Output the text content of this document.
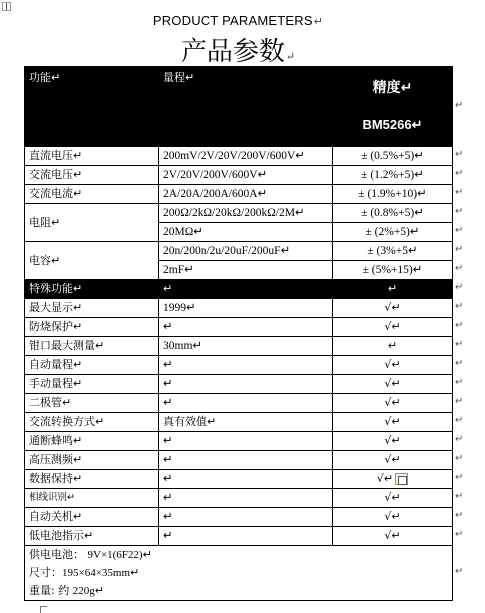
PRODUCT PARAMETERS↵
产品参数↵
功能↵	量程↵	精度↵
BM5266↵

直流电压↵	200mV/2V/20V/200V/600V↵	± (0.5%+5)↵
交流电压↵	2V/20V/200V/600V↵	± (1.2%+5)↵
交流电流↵	2A/20A/200A/600A↵	± (1.9%+10)↵
电阻↵	200Ω/2kΩ/20kΩ/200kΩ/2M↵	± (0.8%+5)↵
	20MΩ↵	± (2%+5)↵
电容↵	20n/200n/2u/20uF/200uF↵	± (3%+5↵
	2mF↵	± (5%+15)↵
特殊功能↵	↵	↵
最大显示↵	1999↵	√↵
防烧保护↵	↵	√↵
钳口最大测量↵	30mm↵	↵
自动量程↵	↵	√↵
手动量程↵	↵	√↵
二极管↵	↵	√↵
交流转换方式↵	真有效值↵	√↵
通断蜂鸣↵	↵	√↵
高压测频↵	↵	√↵
数据保持↵	↵	√↵
相线识别↵	↵	√↵
自动关机↵	↵	√↵
低电池指示↵	↵	√↵

供电电池： 9V×1(6F22)↵
尺寸：195×64×35mm↵
重量: 约 220g↵		
↵
↵
↵
↵
↵
↵
↵
↵
↵
↵
↵
↵
↵
↵
↵
↵
↵
↵
↵
↵
↵
↵
↵
